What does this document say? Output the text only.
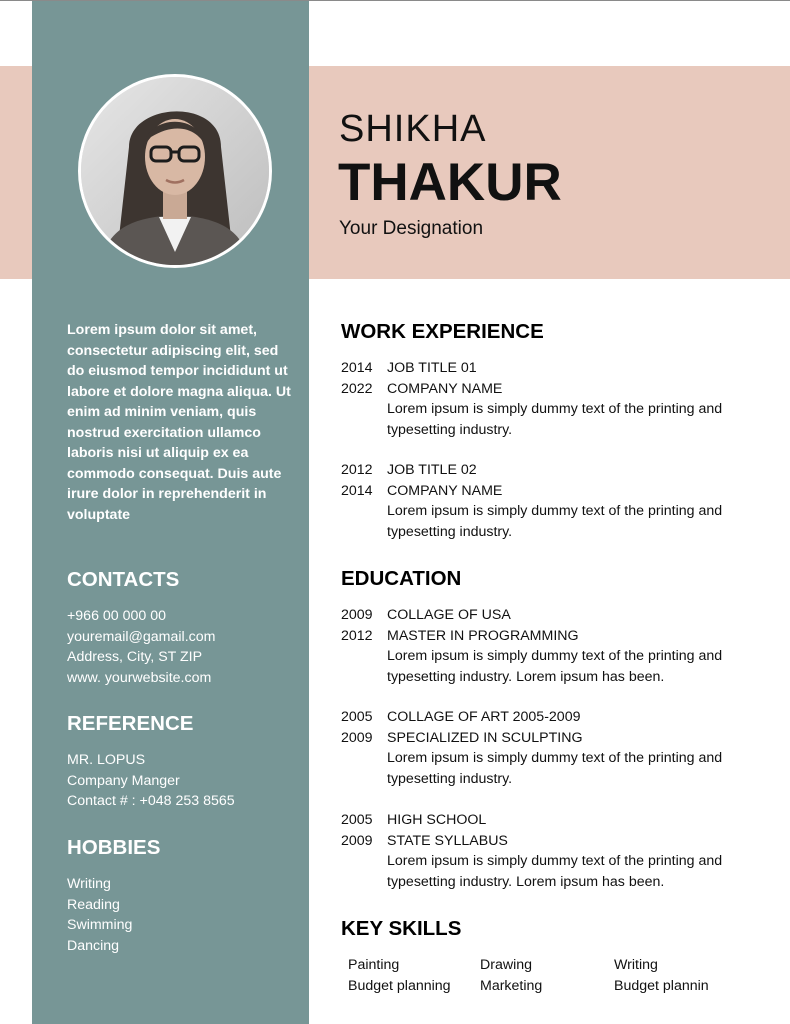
SHIKHA
THAKUR
Your Designation

Lorem ipsum dolor sit amet, consectetur adipiscing elit, sed do eiusmod tempor incididunt ut labore et dolore magna aliqua. Ut enim ad minim veniam, quis nostrud exercitation ullamco laboris nisi ut aliquip ex ea commodo consequat. Duis aute irure dolor in reprehenderit in voluptate

CONTACTS
+966 00 000 00
youremail@gamail.com
Address, City, ST ZIP
www. yourwebsite.com
REFERENCE
MR. LOPUS
Company Manger
Contact # : +048 253 8565
HOBBIES
Writing
Reading
Swimming
Dancing
WORK EXPERIENCE
2014	JOB TITLE 01
2022	COMPANY NAME
Lorem ipsum is simply dummy text of the printing and typesetting industry.
2012	JOB TITLE 02
2014	COMPANY NAME
Lorem ipsum is simply dummy text of the printing and typesetting industry.
EDUCATION
2009	COLLAGE OF USA
2012	MASTER IN PROGRAMMING
Lorem ipsum is simply dummy text of the printing and typesetting industry. Lorem ipsum has been.
2005	COLLAGE OF ART 2005-2009
2009	SPECIALIZED IN SCULPTING
Lorem ipsum is simply dummy text of the printing and typesetting industry.
2005	HIGH SCHOOL
2009	STATE SYLLABUS
Lorem ipsum is simply dummy text of the printing and typesetting industry. Lorem ipsum has been.
KEY SKILLS
Painting	Drawing	Writing
Budget planning	Marketing	Budget plannin
